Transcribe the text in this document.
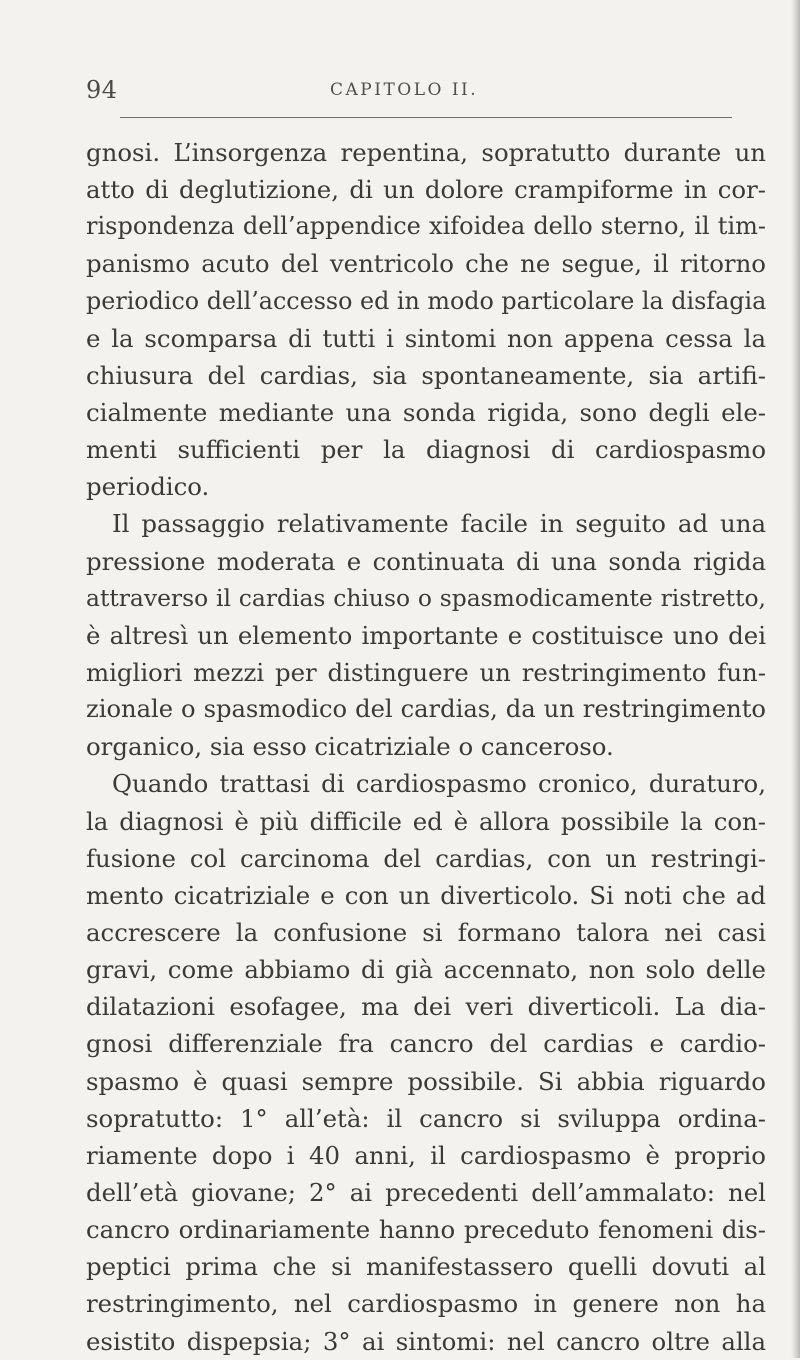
94	CAPITOLO II.
gnosi. L’insorgenza repentina, sopratutto durante un
atto di deglutizione, di un dolore crampiforme in cor-
rispondenza dell’appendice xifoidea dello sterno, il tim-
panismo acuto del ventricolo che ne segue, il ritorno
periodico dell’accesso ed in modo particolare la disfagia
e la scomparsa di tutti i sintomi non appena cessa la
chiusura del cardias, sia spontaneamente, sia artifi-
cialmente mediante una sonda rigida, sono degli ele-
menti sufficienti per la diagnosi di cardiospasmo
periodico.
Il passaggio relativamente facile in seguito ad una
pressione moderata e continuata di una sonda rigida
attraverso il cardias chiuso o spasmodicamente ristretto,
è altresì un elemento importante e costituisce uno dei
migliori mezzi per distinguere un restringimento fun-
zionale o spasmodico del cardias, da un restringimento
organico, sia esso cicatriziale o canceroso.
Quando trattasi di cardiospasmo cronico, duraturo,
la diagnosi è più difficile ed è allora possibile la con-
fusione col carcinoma del cardias, con un restringi-
mento cicatriziale e con un diverticolo. Si noti che ad
accrescere la confusione si formano talora nei casi
gravi, come abbiamo di già accennato, non solo delle
dilatazioni esofagee, ma dei veri diverticoli. La dia-
gnosi differenziale fra cancro del cardias e cardio-
spasmo è quasi sempre possibile. Si abbia riguardo
sopratutto: 1° all’età: il cancro si sviluppa ordina-
riamente dopo i 40 anni, il cardiospasmo è proprio
dell’età giovane; 2° ai precedenti dell’ammalato: nel
cancro ordinariamente hanno preceduto fenomeni dis-
peptici prima che si manifestassero quelli dovuti al
restringimento, nel cardiospasmo in genere non ha
esistito dispepsia; 3° ai sintomi: nel cancro oltre alla
